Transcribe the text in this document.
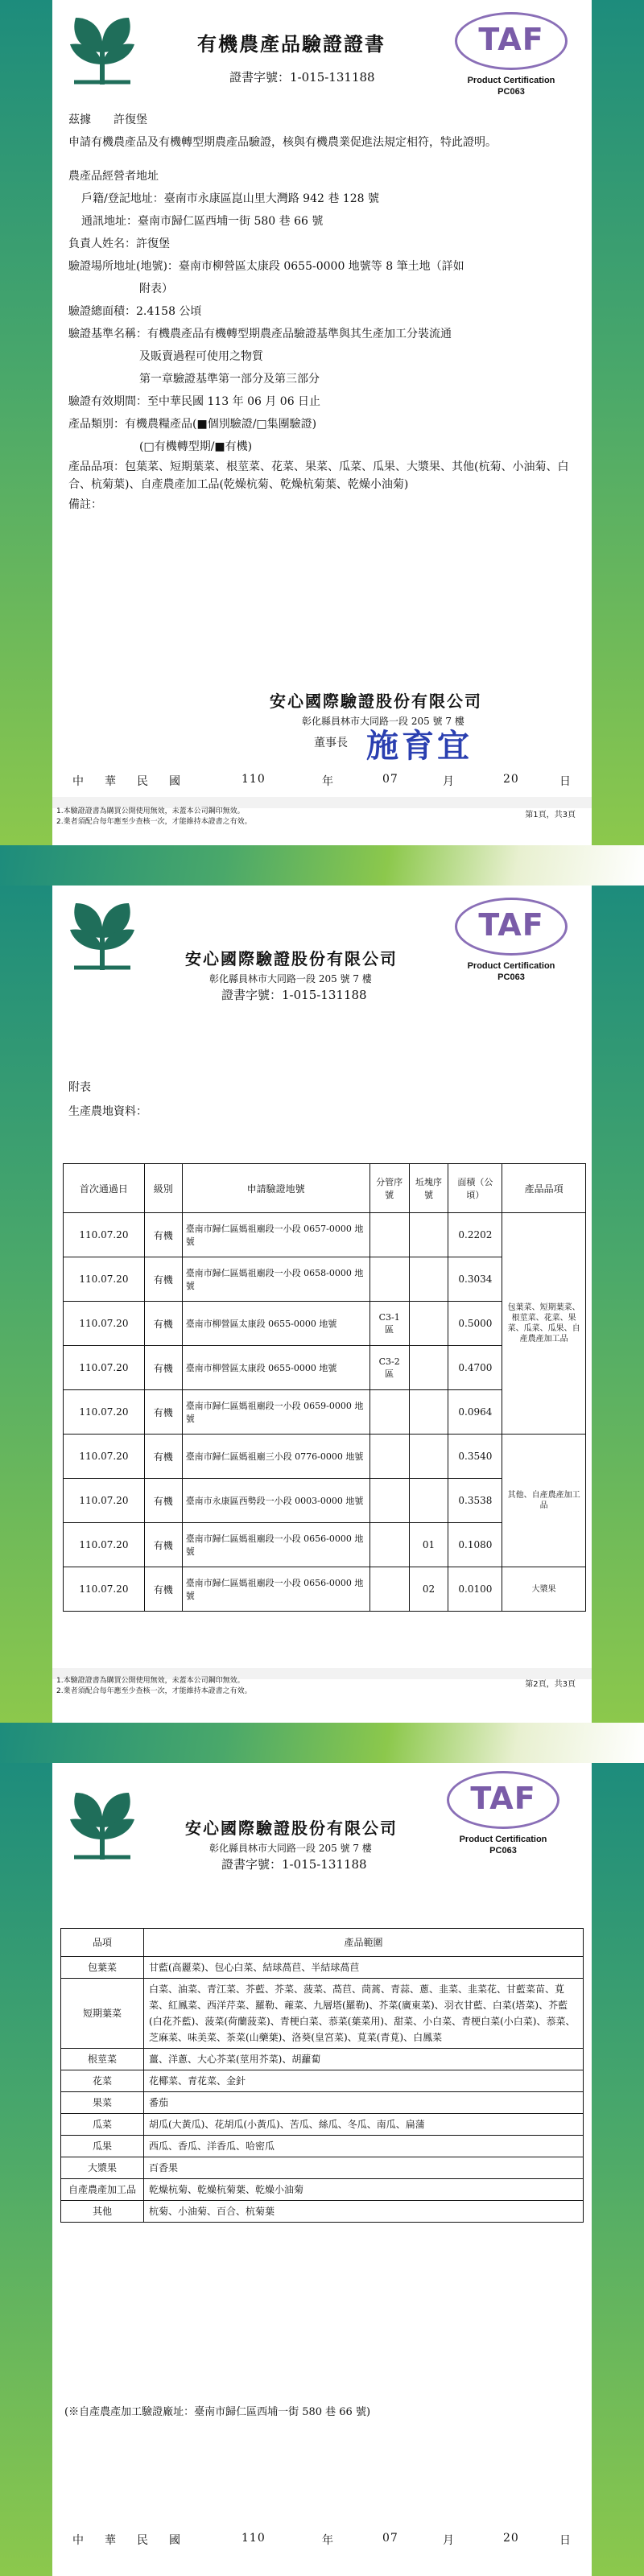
有機農產品驗證證書
證書字號：1-015-131188
TAF
Product Certification
PC063
茲據　　 許復堡
申請有機農產品及有機轉型期農產品驗證，核與有機農業促進法規定相符，特此證明。
農產品經營者地址
戶籍/登記地址：臺南市永康區崑山里大灣路 942 巷 128 號
通訊地址：臺南市歸仁區西埔一街 580 巷 66 號
負責人姓名：許復堡
驗證場所地址(地號)：臺南市柳營區太康段 0655-0000 地號等 8 筆土地（詳如
附表）
驗證總面積：2.4158 公頃
驗證基準名稱：有機農產品有機轉型期農產品驗證基準與其生產加工分裝流通
及販賣過程可使用之物質
第一章驗證基準第一部分及第三部分
驗證有效期間：至中華民國 113 年 06 月 06 日止
產品類別：有機農糧產品(■個別驗證/□集團驗證)
(□有機轉型期/■有機)
產品品項：包葉菜、短期葉菜、根莖菜、花菜、果菜、瓜菜、瓜果、大漿果、其他(杭菊、小油菊、白合、杭菊葉)、自產農產加工品(乾燥杭菊、乾燥杭菊葉、乾燥小油菊)
備註：
安心國際驗證股份有限公司
彰化縣員林市大同路一段 205 號 7 樓
董事長 施育宜
中 華 民 國	110	年	07	月	20	日
1.本驗證證書為購買公開使用無效，未蓋本公司鋼印無效。
2.業者須配合每年應至少查核一次，才能維持本證書之有效。
第1頁，共3頁
安心國際驗證股份有限公司
彰化縣員林市大同路一段 205 號 7 樓
證書字號：1-015-131188
TAF
Product Certification
PC063
附表
生產農地資料：
首次通過日	級別	申請驗證地號	分管序號	坵塊序號	面積（公頃）	產品品項
110.07.20	有機	臺南市歸仁區媽祖廟段一小段 0657-0000 地號			0.2202	包葉菜、短期葉菜、根莖菜、花菜、果菜、瓜菜、瓜果、自產農產加工品
110.07.20	有機	臺南市歸仁區媽祖廟段一小段 0658-0000 地號			0.3034	
110.07.20	有機	臺南市柳營區太康段 0655-0000 地號	C3-1 區		0.5000	
110.07.20	有機	臺南市柳營區太康段 0655-0000 地號	C3-2 區		0.4700	
110.07.20	有機	臺南市歸仁區媽祖廟段一小段 0659-0000 地號			0.0964	
110.07.20	有機	臺南市歸仁區媽祖廟三小段 0776-0000 地號			0.3540	其他、自產農產加工品
110.07.20	有機	臺南市永康區西勢段一小段 0003-0000 地號			0.3538	
110.07.20	有機	臺南市歸仁區媽祖廟段一小段 0656-0000 地號		01	0.1080	
110.07.20	有機	臺南市歸仁區媽祖廟段一小段 0656-0000 地號		02	0.0100	大漿果
1.本驗證證書為購買公開使用無效，未蓋本公司鋼印無效。
2.業者須配合每年應至少查核一次，才能維持本證書之有效。
第2頁，共3頁
安心國際驗證股份有限公司
彰化縣員林市大同路一段 205 號 7 樓
證書字號：1-015-131188
TAF
Product Certification
PC063
品項	產品範圍
包葉菜	甘藍(高麗菜)、包心白菜、結球萵苣、半結球萵苣
短期葉菜	白菜、油菜、青江菜、芥藍、芥菜、菠菜、萵苣、茼蒿、青蒜、蔥、韭菜、韭菜花、甘藍菜苗、莧菜、紅鳳菜、西洋芹菜、羅勒、蕹菜、九層塔(羅勒)、芥菜(廣東菜)、羽衣甘藍、白菜(塔菜)、芥藍(白花芥藍)、菠菜(荷蘭菠菜)、青梗白菜、菾菜(葉菜用)、甜菜、小白菜、青梗白菜(小白菜)、菾菜、芝麻菜、味美菜、茶菜(山藥葉)、洛葵(皇宮菜)、莧菜(青莧)、白鳳菜
根莖菜	薑、洋蔥、大心芥菜(莖用芥菜)、胡蘿蔔
花菜	花椰菜、青花菜、金針
果菜	番茄
瓜菜	胡瓜(大黃瓜)、花胡瓜(小黃瓜)、苦瓜、絲瓜、冬瓜、南瓜、扁蒲
瓜果	西瓜、香瓜、洋香瓜、哈密瓜
大漿果	百香果
自產農產加工品	乾燥杭菊、乾燥杭菊葉、乾燥小油菊
其他	杭菊、小油菊、百合、杭菊葉
(※自產農產加工驗證廠址：臺南市歸仁區西埔一街 580 巷 66 號)
中 華 民 國	110	年	07	月	20	日
